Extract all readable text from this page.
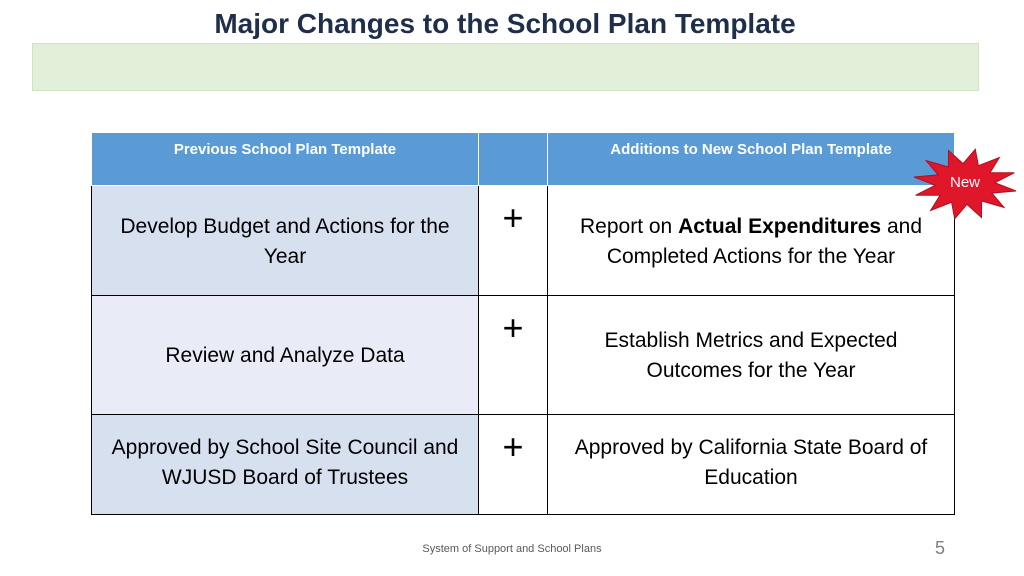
Major Changes to the School Plan Template
Previous School Plan Template		Additions to New School Plan Template
Develop Budget and Actions for the Year	+	Report on Actual Expenditures and Completed Actions for the Year
Review and Analyze Data	+	Establish Metrics and Expected Outcomes for the Year
Approved by School Site Council and WJUSD Board of Trustees	+	Approved by California State Board of Education
New
System of Support and School Plans	5
